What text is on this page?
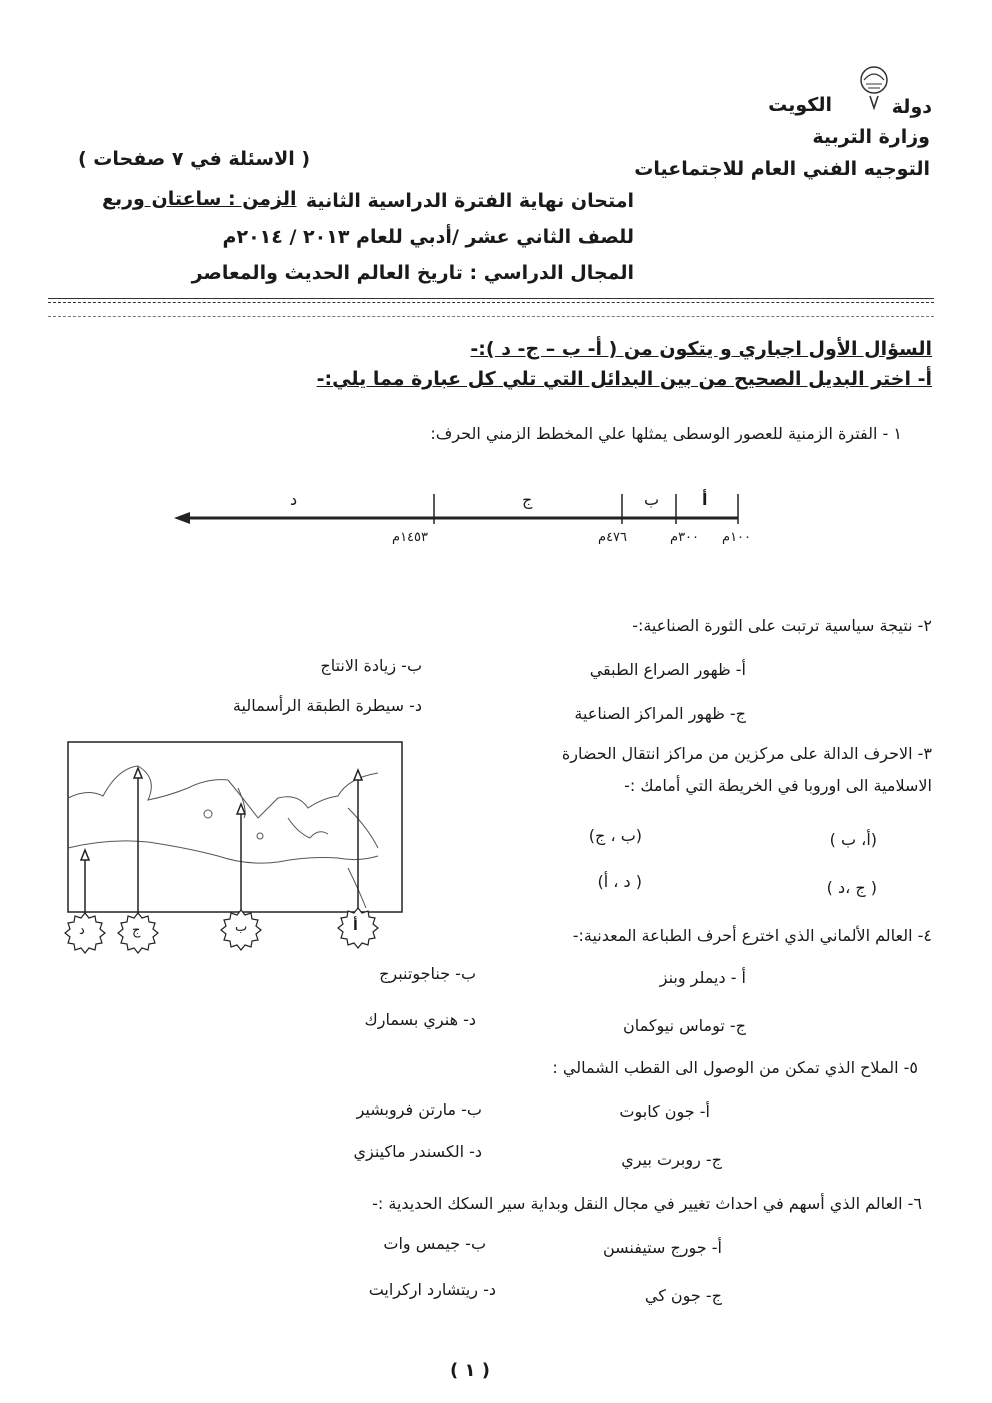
دولة
الكويت
وزارة التربية
التوجيه الفني العام للاجتماعيات
( الاسئلة في ٧ صفحات )
امتحان نهاية الفترة الدراسية الثانية
الزمن : ساعتان وربع
للصف الثاني عشر /أدبي للعام ٢٠١٣ / ٢٠١٤م
المجال الدراسي : تاريخ العالم الحديث والمعاصر
السؤال الأول اجباري و يتكون من ( أ- ب – ج- د ):-
أ- اختر البديل الصحيح من بين البدائل التي تلي كل عبارة مما يلي:-
١ - الفترة الزمنية للعصور الوسطى يمثلها علي المخطط الزمني الحرف:
أ
ب
ج
د
١٠٠م
٣٠٠م
٤٧٦م
١٤٥٣م
٢- نتيجة سياسية ترتبت على الثورة الصناعية:-
أ- ظهور الصراع الطبقي
ب- زيادة الانتاج
ج- ظهور المراكز الصناعية
د- سيطرة الطبقة الرأسمالية
٣- الاحرف الدالة على مركزين من مراكز انتقال الحضارة
الاسلامية الى اوروبا في الخريطة التي أمامك :-
(أ، ب )
(ب ، ج)
( ج ،د )
( د ، أ)
د	ج	ب	أ	٤- العالم الألماني الذي اخترع أحرف الطباعة المعدنية:-
أ - ديملر وبنز
ب- جناجوتنبرج
ج- توماس نيوكمان
د- هنري بسمارك
٥- الملاح الذي تمكن من الوصول الى القطب الشمالي :
أ- جون كابوت
ب- مارتن فروبشير
ج- روبرت بيري
د- الكسندر ماكينزي
٦- العالم الذي أسهم في احداث تغيير في مجال النقل وبداية سير السكك الحديدية :-
أ- جورج ستيفنسن
ب- جيمس وات
ج- جون كي
د- ريتشارد اركرايت
( ١ )
